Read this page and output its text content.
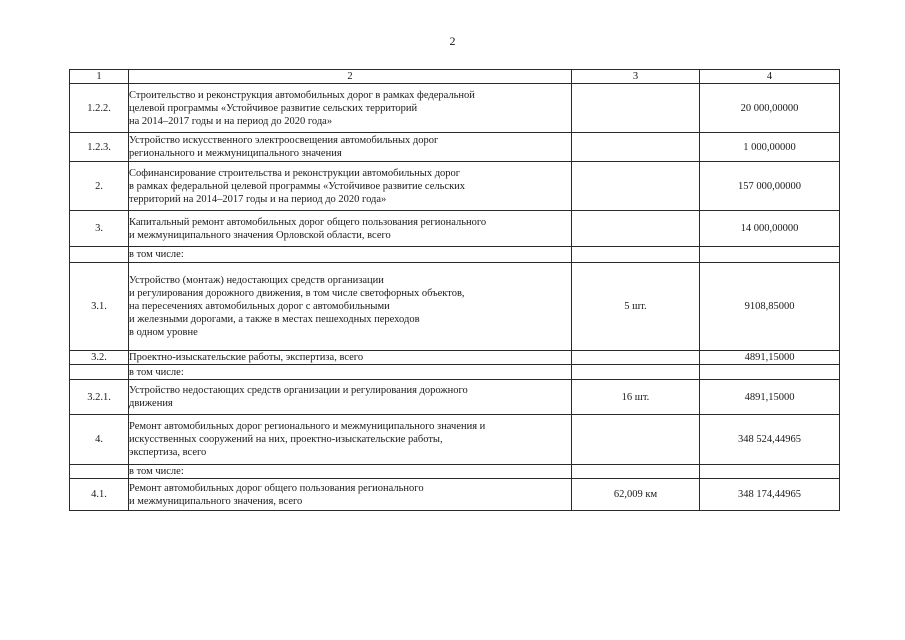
2
1	2	3	4
1.2.2.	Строительство и реконструкция автомобильных дорог в рамках федеральной
целевой программы «Устойчивое развитие сельских территорий
на 2014–2017 годы и на период до 2020 года»		20 000,00000
1.2.3.	Устройство искусственного электроосвещения автомобильных дорог
регионального и межмуниципального значения		1 000,00000
2.	Софинансирование строительства и реконструкции автомобильных дорог
в рамках федеральной целевой программы «Устойчивое развитие сельских
территорий на 2014–2017 годы и на период до 2020 года»		157 000,00000
3.	Капитальный ремонт автомобильных дорог общего пользования регионального
и межмуниципального значения Орловской области, всего		14 000,00000
	в том числе:		
3.1.	Устройство (монтаж) недостающих средств организации
и регулирования дорожного движения, в том числе светофорных объектов,
на пересечениях автомобильных дорог с автомобильными
и железными дорогами, а также в местах пешеходных переходов
в одном уровне	5 шт.	9108,85000
3.2.	Проектно-изыскательские работы, экспертиза, всего		4891,15000
	в том числе:		
3.2.1.	Устройство недостающих средств организации и регулирования дорожного
движения	16 шт.	4891,15000
4.	Ремонт автомобильных дорог регионального и межмуниципального значения и
искусственных сооружений на них, проектно-изыскательские работы,
экспертиза, всего		348 524,44965
	в том числе:		
4.1.	Ремонт автомобильных дорог общего пользования регионального
и межмуниципального значения, всего	62,009 км	348 174,44965
